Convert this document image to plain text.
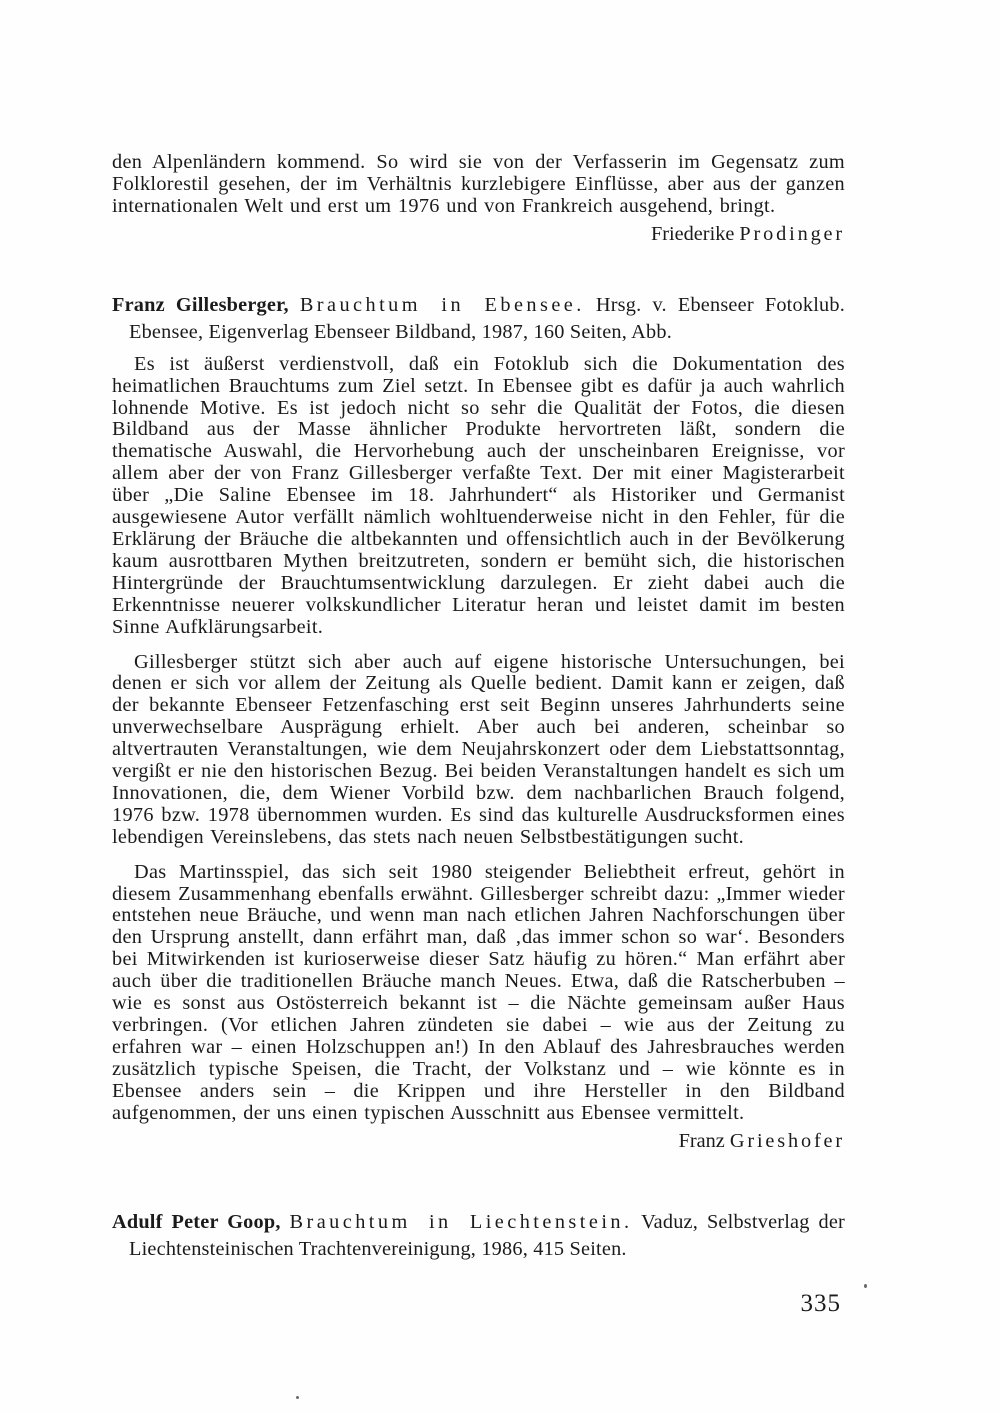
den Alpenländern kommend. So wird sie von der Verfasserin im Gegensatz zum Folklorestil gesehen, der im Verhältnis kurzlebigere Einflüsse, aber aus der ganzen internationalen Welt und erst um 1976 und von Frankreich ausgehend, bringt.

Friederike Prodinger

Franz Gillesberger, Brauchtum in Ebensee. Hrsg. v. Ebenseer Fotoklub.
Ebensee, Eigenverlag Ebenseer Bildband, 1987, 160 Seiten, Abb.

Es ist äußerst verdienstvoll, daß ein Fotoklub sich die Dokumentation des heimatlichen Brauchtums zum Ziel setzt. In Ebensee gibt es dafür ja auch wahrlich lohnende Motive. Es ist jedoch nicht so sehr die Qualität der Fotos, die diesen Bildband aus der Masse ähnlicher Produkte hervortreten läßt, sondern die thematische Auswahl, die Hervorhebung auch der unscheinbaren Ereignisse, vor allem aber der von Franz Gillesberger verfaßte Text. Der mit einer Magisterarbeit über „Die Saline Ebensee im 18. Jahrhundert“ als Historiker und Germanist ausgewiesene Autor verfällt nämlich wohltuenderweise nicht in den Fehler, für die Erklärung der Bräuche die altbekannten und offensichtlich auch in der Bevölkerung kaum ausrottbaren Mythen breitzutreten, sondern er bemüht sich, die historischen Hintergründe der Brauchtumsentwicklung darzulegen. Er zieht dabei auch die Erkenntnisse neuerer volkskundlicher Literatur heran und leistet damit im besten Sinne Aufklärungsarbeit.

Gillesberger stützt sich aber auch auf eigene historische Untersuchungen, bei denen er sich vor allem der Zeitung als Quelle bedient. Damit kann er zeigen, daß der bekannte Ebenseer Fetzenfasching erst seit Beginn unseres Jahrhunderts seine unverwechselbare Ausprägung erhielt. Aber auch bei anderen, scheinbar so altvertrauten Veranstaltungen, wie dem Neujahrskonzert oder dem Liebstattsonntag, vergißt er nie den historischen Bezug. Bei beiden Veranstaltungen handelt es sich um Innovationen, die, dem Wiener Vorbild bzw. dem nachbarlichen Brauch folgend, 1976 bzw. 1978 übernommen wurden. Es sind das kulturelle Ausdrucksformen eines lebendigen Vereinslebens, das stets nach neuen Selbstbestätigungen sucht.

Das Martinsspiel, das sich seit 1980 steigender Beliebtheit erfreut, gehört in diesem Zusammenhang ebenfalls erwähnt. Gillesberger schreibt dazu: „Immer wieder entstehen neue Bräuche, und wenn man nach etlichen Jahren Nachforschungen über den Ursprung anstellt, dann erfährt man, daß ‚das immer schon so war‘. Besonders bei Mitwirkenden ist kurioserweise dieser Satz häufig zu hören.“ Man erfährt aber auch über die traditionellen Bräuche manch Neues. Etwa, daß die Ratscherbuben – wie es sonst aus Ostösterreich bekannt ist – die Nächte gemeinsam außer Haus verbringen. (Vor etlichen Jahren zündeten sie dabei – wie aus der Zeitung zu erfahren war – einen Holzschuppen an!) In den Ablauf des Jahresbrauches werden zusätzlich typische Speisen, die Tracht, der Volkstanz und – wie könnte es in Ebensee anders sein – die Krippen und ihre Hersteller in den Bildband aufgenommen, der uns einen typischen Ausschnitt aus Ebensee vermittelt.

Franz Grieshofer

Adulf Peter Goop, Brauchtum in Liechtenstein. Vaduz, Selbstverlag der
Liechtensteinischen Trachtenvereinigung, 1986, 415 Seiten.
335
